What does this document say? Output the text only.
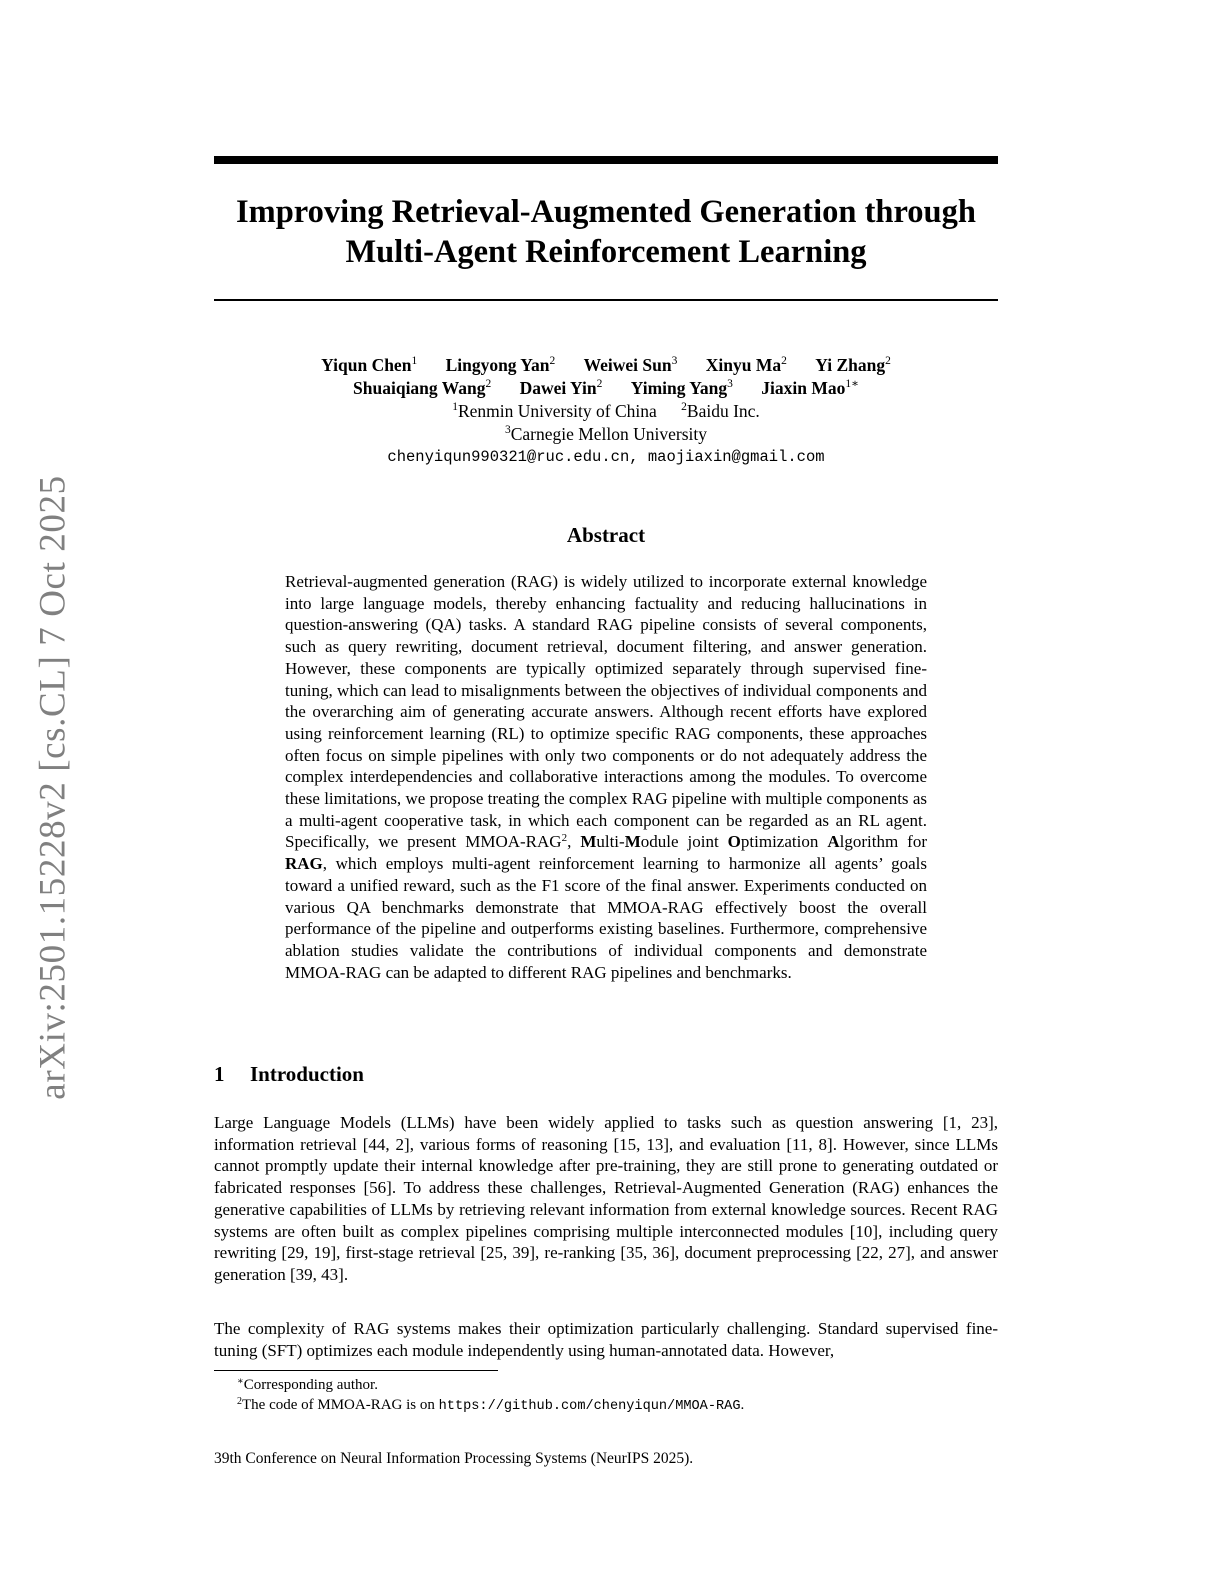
arXiv:2501.15228v2 [cs.CL] 7 Oct 2025
Improving Retrieval-Augmented Generation through
Multi-Agent Reinforcement Learning
Yiqun Chen$^1$ Lingyong Yan$^2$ Weiwei Sun$^3$ Xinyu Ma$^2$ Yi Zhang$^2$
Shuaiqiang Wang$^2$ Dawei Yin$^2$ Yiming Yang$^3$ Jiaxin Mao$^{1∗}$
$^1$Renmin University of China $^2$Baidu Inc.
$^3$Carnegie Mellon University
chenyiqun990321@ruc.edu.cn, maojiaxin@gmail.com
Abstract

Retrieval-augmented generation (RAG) is widely utilized to incorporate external knowledge into large language models, thereby enhancing factuality and reducing hallucinations in question-answering (QA) tasks. A standard RAG pipeline consists of several components, such as query rewriting, document retrieval, document filtering, and answer generation. However, these components are typically optimized separately through supervised fine-tuning, which can lead to misalignments between the objectives of individual components and the overarching aim of generating accurate answers. Although recent efforts have explored using reinforcement learning (RL) to optimize specific RAG components, these approaches often focus on simple pipelines with only two components or do not adequately address the complex interdependencies and collaborative interactions among the modules. To overcome these limitations, we propose treating the complex RAG pipeline with multiple components as a multi-agent cooperative task, in which each component can be regarded as an RL agent. Specifically, we present MMOA-RAG$^2$, Multi-Module joint Optimization Algorithm for RAG, which employs multi-agent reinforcement learning to harmonize all agents’ goals toward a unified reward, such as the F1 score of the final answer. Experiments conducted on various QA benchmarks demonstrate that MMOA-RAG effectively boost the overall performance of the pipeline and outperforms existing baselines. Furthermore, comprehensive ablation studies validate the contributions of individual components and demonstrate MMOA-RAG can be adapted to different RAG pipelines and benchmarks.

1 Introduction

Large Language Models (LLMs) have been widely applied to tasks such as question answering [1, 23], information retrieval [44, 2], various forms of reasoning [15, 13], and evaluation [11, 8]. However, since LLMs cannot promptly update their internal knowledge after pre-training, they are still prone to generating outdated or fabricated responses [56]. To address these challenges, Retrieval-Augmented Generation (RAG) enhances the generative capabilities of LLMs by retrieving relevant information from external knowledge sources. Recent RAG systems are often built as complex pipelines comprising multiple interconnected modules [10], including query rewriting [29, 19], first-stage retrieval [25, 39], re-ranking [35, 36], document preprocessing [22, 27], and answer generation [39, 43].

The complexity of RAG systems makes their optimization particularly challenging. Standard supervised fine-tuning (SFT) optimizes each module independently using human-annotated data. However,

∗Corresponding author.
$^2$The code of MMOA-RAG is on https://github.com/chenyiqun/MMOA-RAG.
39th Conference on Neural Information Processing Systems (NeurIPS 2025).
